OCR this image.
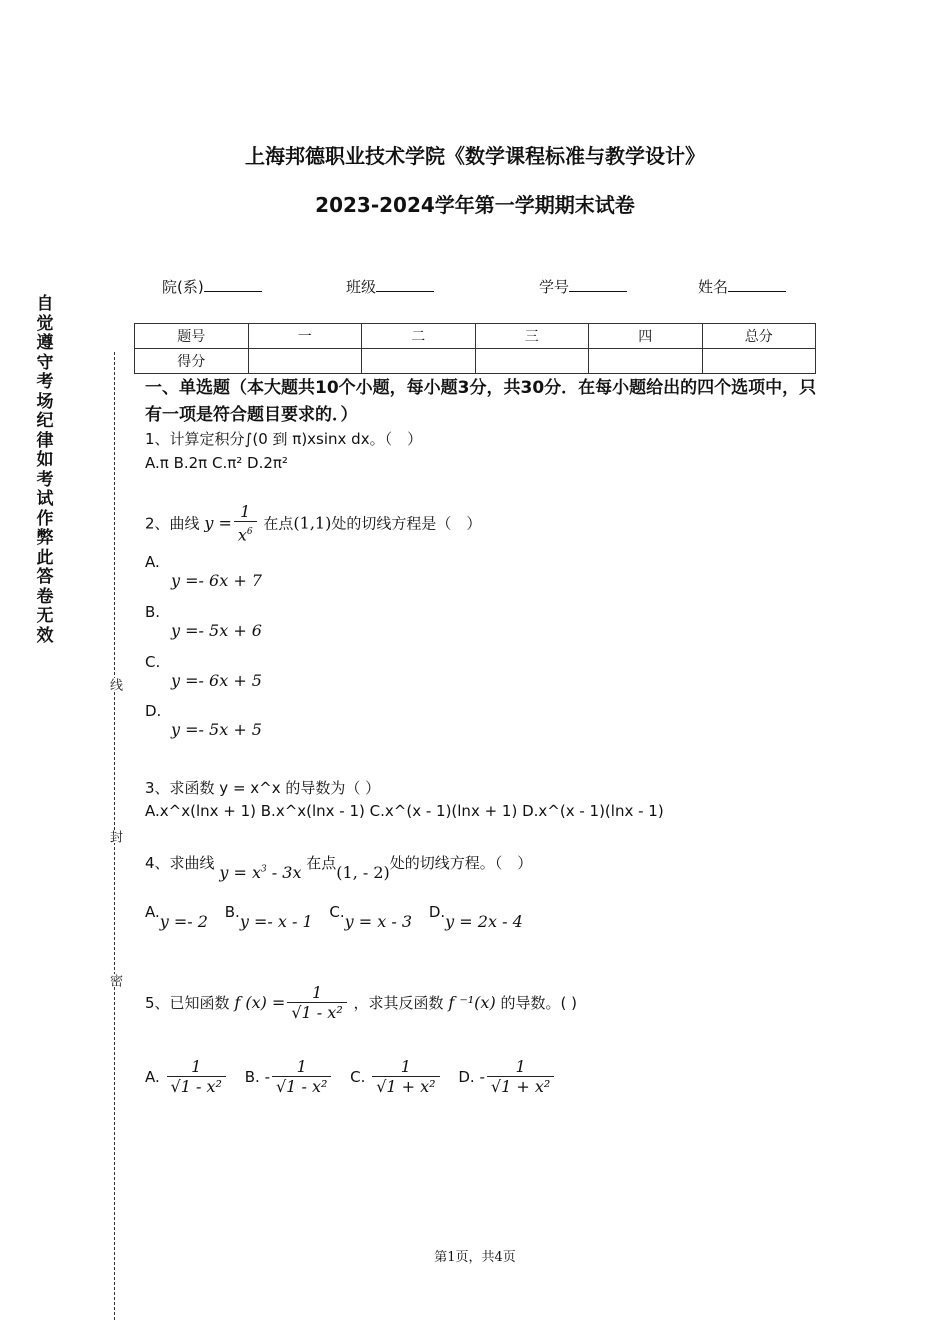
上海邦德职业技术学院《数学课程标准与教学设计》
2023-2024学年第一学期期末试卷
自觉遵守考场纪律如考试作弊此答卷无效
线
封
密
院(系)	班级	学号	姓名
题号	一	二	三	四	总分
得分					
一、单选题（本大题共10个小题，每小题3分，共30分．在每小题给出的四个选项中，只有一项是符合题目要求的．）
1、计算定积分∫(0 到 π)xsinx dx。（　）
A.π B.2π C.π² D.2π²
2、曲线 $y = \frac{1}{x^6}$ 在点(1,1)处的切线方程是（　）
A.
y =- 6x + 7
B.
y =- 5x + 6
C.
y =- 6x + 5
D.
y =- 5x + 5
3、求函数 y = x^x 的导数为（ ）
A.x^x(lnx + 1) B.x^x(lnx - 1) C.x^(x - 1)(lnx + 1) D.x^(x - 1)(lnx - 1)
4、求曲线 $y = x^3 - 3x$ 在点(1, - 2)处的切线方程。（　）
A.y =- 2 B.y =- x - 1 C.y = x - 3 D.y = 2x - 4
5、已知函数 f $(x) = \frac{1}{\text{√1 - x²}}$ ，求其反函数 f ⁻¹(x) 的导数。( )
A. $\frac{1}{\text{√1 - x²}} B$. - $\frac{1}{\text{√1 - x²}} C$. $\frac{1}{\text{√1 + x²}} D$. - $\frac{1}{\text{√1 + x²}}$
第1页，共4页
